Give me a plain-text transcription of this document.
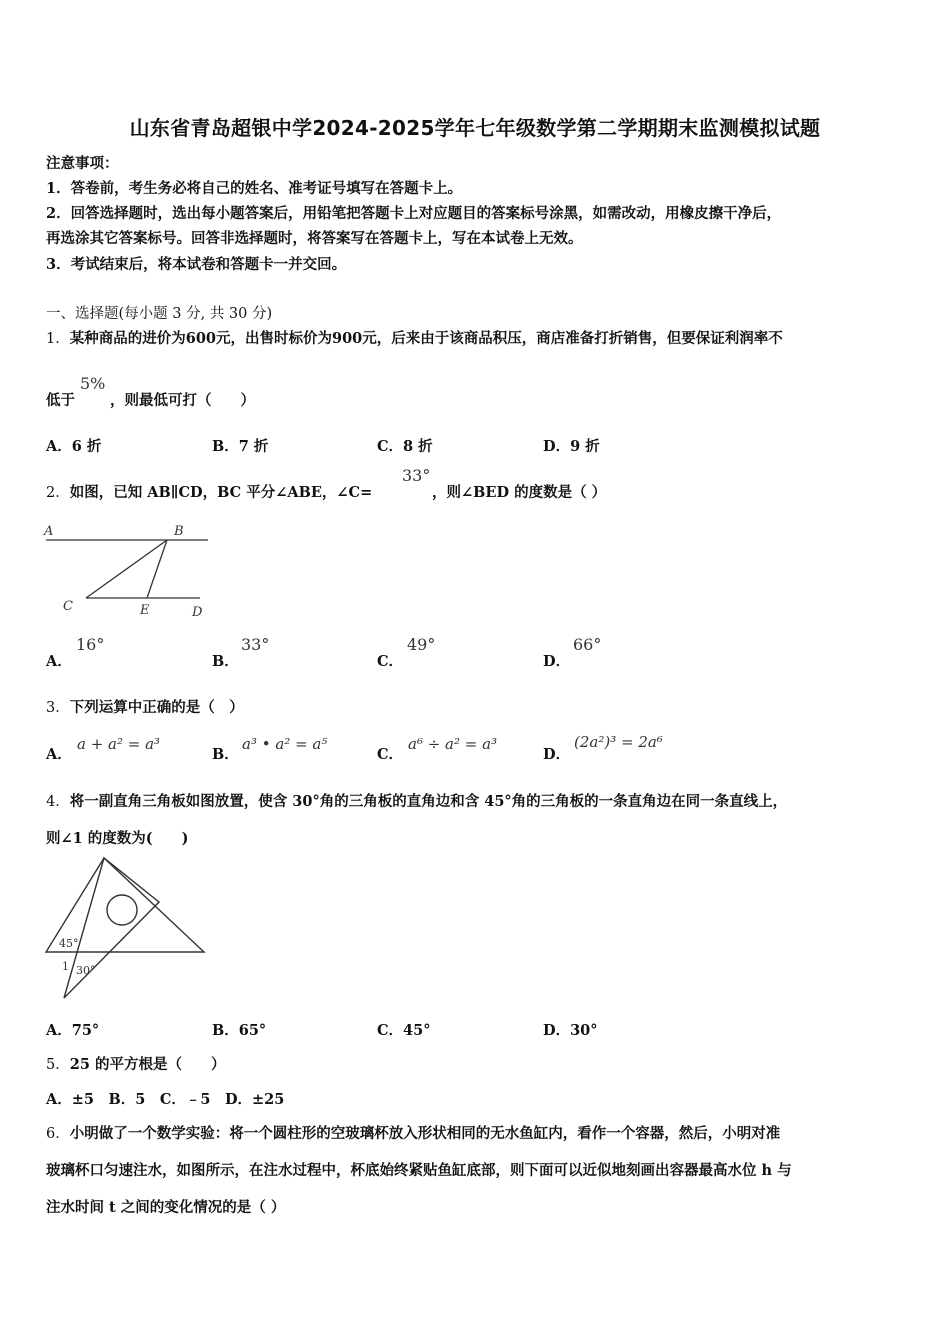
山东省青岛超银中学2024-2025学年七年级数学第二学期期末监测模拟试题
注意事项：
1．答卷前，考生务必将自己的姓名、准考证号填写在答题卡上。
2．回答选择题时，选出每小题答案后，用铅笔把答题卡上对应题目的答案标号涂黑，如需改动，用橡皮擦干净后，
再选涂其它答案标号。回答非选择题时，将答案写在答题卡上，写在本试卷上无效。
3．考试结束后，将本试卷和答题卡一并交回。
一、选择题(每小题 3 分, 共 30 分)
1．某种商品的进价为600元，出售时标价为900元，后来由于该商品积压，商店准备打折销售，但要保证利润率不
低于
5%
，则最低可打（　　）
A．6 折	B．7 折	C．8 折	D．9 折
2．如图，已知 AB∥CD，BC 平分∠ABE，∠C=
33°
，则∠BED 的度数是（ ）
A	B
C	E	D
A．
16°
B．
33°
C．
49°
D．
66°
3．下列运算中正确的是（　）
A．
a + a² = a³
B．
a³ • a² = a⁵
C．
a⁶ ÷ a² = a³
D．
(2a²)³ = 2a⁶
4．将一副直角三角板如图放置，使含 30°角的三角板的直角边和含 45°角的三角板的一条直角边在同一条直线上，
则∠1 的度数为(　　)
45°
1 30°
A．75°	B．65°	C．45°	D．30°
5．25 的平方根是（　　）
A．±5　B．5　C．﹣5　D．±25
6．小明做了一个数学实验：将一个圆柱形的空玻璃杯放入形状相同的无水鱼缸内，看作一个容器，然后，小明对准
玻璃杯口匀速注水，如图所示，在注水过程中，杯底始终紧贴鱼缸底部，则下面可以近似地刻画出容器最高水位 h 与
注水时间 t 之间的变化情况的是（ ）
